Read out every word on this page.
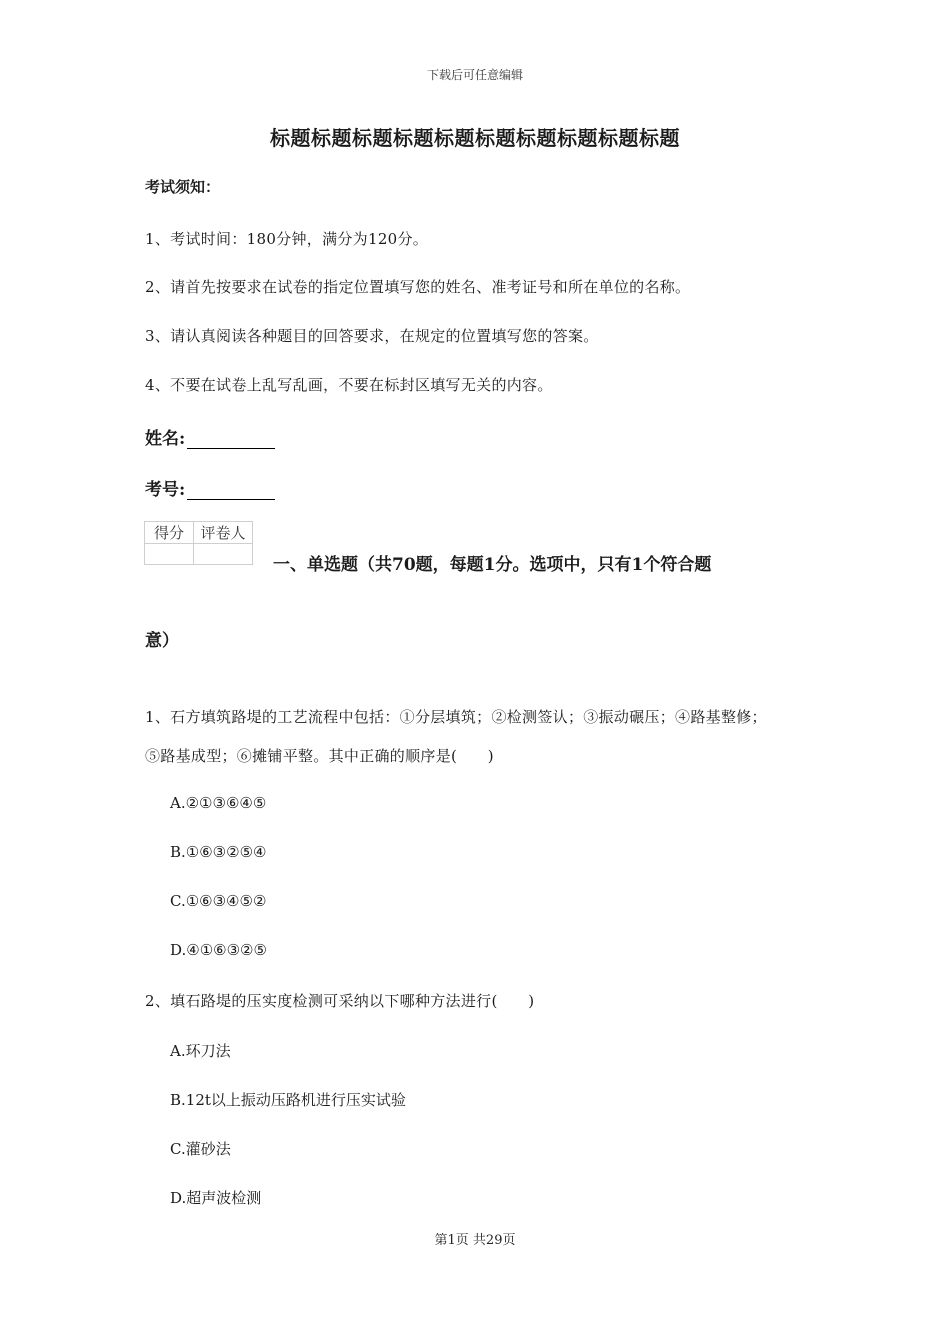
下载后可任意编辑
标题标题标题标题标题标题标题标题标题标题
考试须知：
1、考试时间：180分钟，满分为120分。
2、请首先按要求在试卷的指定位置填写您的姓名、准考证号和所在单位的名称。
3、请认真阅读各种题目的回答要求，在规定的位置填写您的答案。
4、不要在试卷上乱写乱画，不要在标封区填写无关的内容。
姓名:
考号:
得分	评卷人

一、单选题（共70题，每题1分。选项中，只有1个符合题
意）
1、石方填筑路堤的工艺流程中包括：①分层填筑；②检测签认；③振动碾压；④路基整修；
⑤路基成型；⑥摊铺平整。其中正确的顺序是(　　)
A.②①③⑥④⑤
B.①⑥③②⑤④
C.①⑥③④⑤②
D.④①⑥③②⑤
2、填石路堤的压实度检测可采纳以下哪种方法进行(　　)
A.环刀法
B.12t以上振动压路机进行压实试验
C.灌砂法
D.超声波检测
第1页 共29页
